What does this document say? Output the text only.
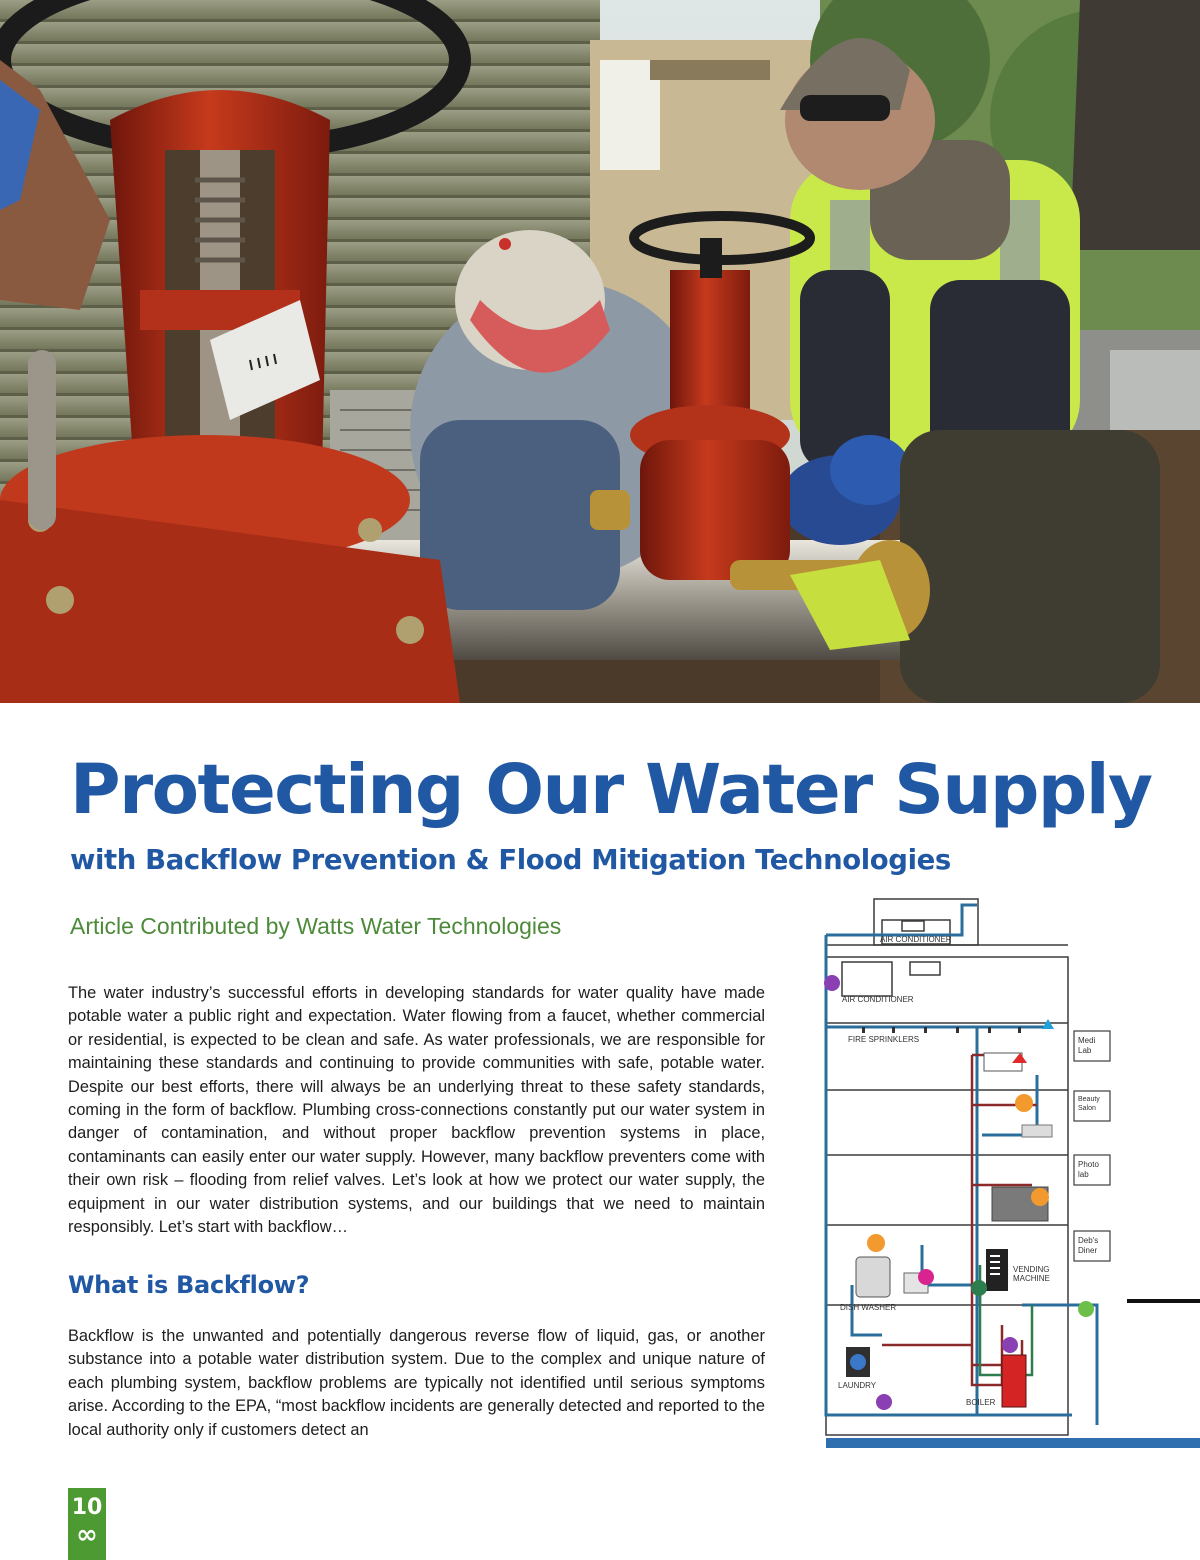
Protecting Our Water Supply
with Backflow Prevention & Flood Mitigation Technologies

Article Contributed by Watts Water Technologies

The water industry’s successful efforts in developing standards for water quality have made potable water a public right and expectation. Water flowing from a faucet, whether commercial or residential, is expected to be clean and safe. As water professionals, we are responsible for maintaining these standards and continuing to provide communities with safe, potable water. Despite our best efforts, there will always be an underlying threat to these safety standards, coming in the form of backflow. Plumbing cross-connections constantly put our water system in danger of contamination, and without proper backflow prevention systems in place, contaminants can easily enter our water supply. However, many backflow preventers come with their own risk – flooding from relief valves. Let’s look at how we protect our water supply, the equipment in our water distribution systems, and our buildings that we need to maintain responsibly. Let’s start with backflow…

What is Backflow?

Backflow is the unwanted and potentially dangerous reverse flow of liquid, gas, or another substance into a potable water distribution system. Due to the complex and unique nature of each plumbing system, backflow problems are typically not identified until serious symptoms arise. According to the EPA, “most backflow incidents are generally detected and reported to the local authority only if customers detect an

AIR CONDITIONER
AIR CONDITIONER
FIRE SPRINKLERS
VENDING
MACHINE
DISH WASHER
LAUNDRY
BOILER
Medi
Lab
Beauty
Salon
Photo
lab
Deb's
Diner
10
∞
